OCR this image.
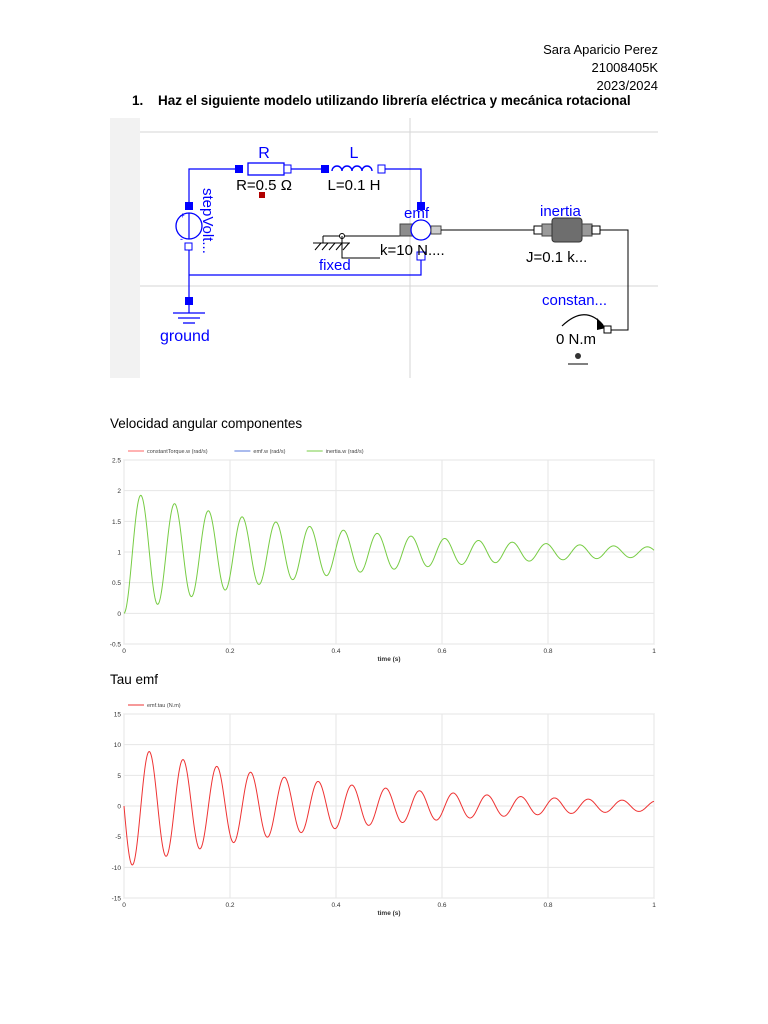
Sara Aparicio Perez
21008405K
2023/2024
1. Haz el siguiente modelo utilizando librería eléctrica y mecánica rotacional
R
R=0.5 Ω
L
L=0.1 H
+
- stepVolt...
ground
fixed
emf
k=10 N....
inertia
J=0.1 k...
constan...
0 N.m
Velocidad angular componentes
0	0.2	0.4	0.6	0.8	1
-0.5
0
0.5
1
1.5
2
2.5
time (s)
constantTorque.w (rad/s)	emf.w (rad/s)	inertia.w (rad/s)
Tau emf
0	0.2	0.4	0.6	0.8	1
-15
-10
-5
0
5
10
15
time (s)
emf.tau (N.m)
